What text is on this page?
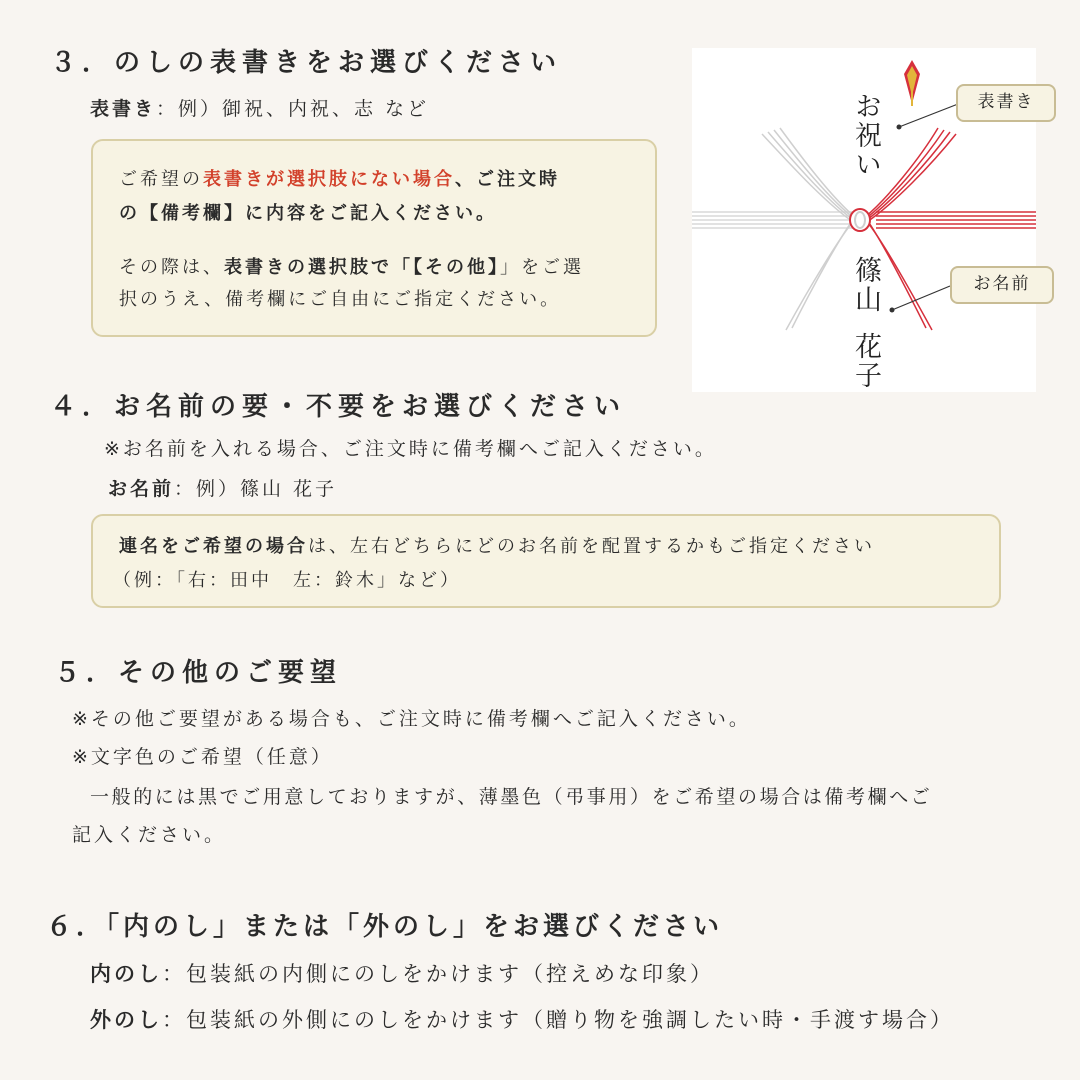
３．のしの表書きをお選びください
表書き：例）御祝、内祝、志 など

ご希望の表書きが選択肢にない場合、ご注文時

の【備考欄】に内容をご記入ください。

その際は、表書きの選択肢で「【その他】」をご選

択のうえ、備考欄にご自由にご指定ください。

お祝い
篠山
花子
表書き
お名前
４．お名前の要・不要をお選びください
※お名前を入れる場合、ご注文時に備考欄へご記入ください。
お名前：例）篠山 花子

連名をご希望の場合は、左右どちらにどのお名前を配置するかもご指定ください

（例：「右：田中　左：鈴木」など）

５．その他のご要望
※その他ご要望がある場合も、ご注文時に備考欄へご記入ください。
※文字色のご希望（任意）
一般的には黒でご用意しておりますが、薄墨色（弔事用）をご希望の場合は備考欄へご
記入ください。
６．「内のし」または「外のし」をお選びください
内のし：包装紙の内側にのしをかけます（控えめな印象）
外のし：包装紙の外側にのしをかけます（贈り物を強調したい時・手渡す場合）
